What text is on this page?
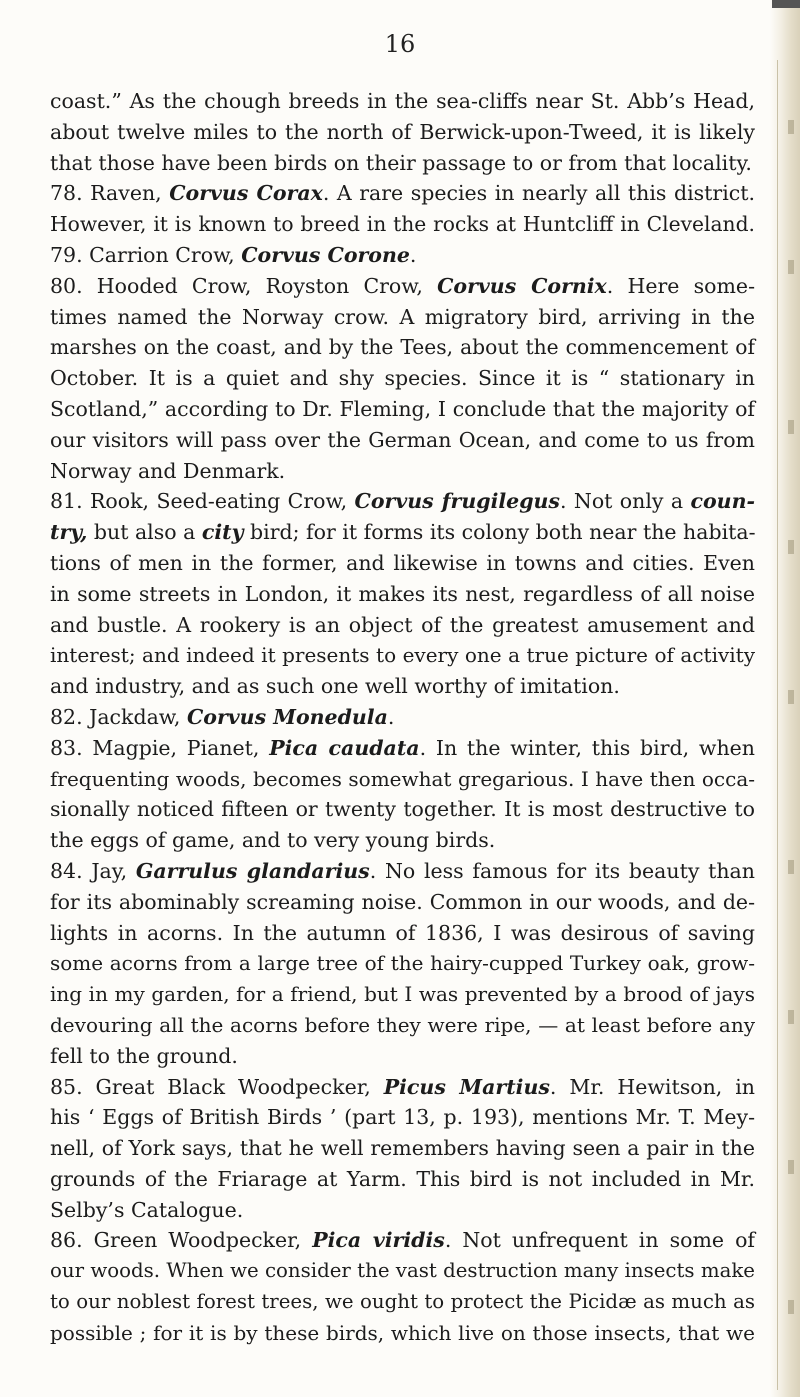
16
coast.” As the chough breeds in the sea-cliffs near St. Abb’s Head,
about twelve miles to the north of Berwick-upon-Tweed, it is likely
that those have been birds on their passage to or from that locality.
78. Raven, Corvus Corax. A rare species in nearly all this district.
However, it is known to breed in the rocks at Huntcliff in Cleveland.
79. Carrion Crow, Corvus Corone.
80. Hooded Crow, Royston Crow, Corvus Cornix. Here some-
times named the Norway crow. A migratory bird, arriving in the
marshes on the coast, and by the Tees, about the commencement of
October. It is a quiet and shy species. Since it is “ stationary in
Scotland,” according to Dr. Fleming, I conclude that the majority of
our visitors will pass over the German Ocean, and come to us from
Norway and Denmark.
81. Rook, Seed-eating Crow, Corvus frugilegus. Not only a coun-
try, but also a city bird; for it forms its colony both near the habita-
tions of men in the former, and likewise in towns and cities. Even
in some streets in London, it makes its nest, regardless of all noise
and bustle. A rookery is an object of the greatest amusement and
interest; and indeed it presents to every one a true picture of activity
and industry, and as such one well worthy of imitation.
82. Jackdaw, Corvus Monedula.
83. Magpie, Pianet, Pica caudata. In the winter, this bird, when
frequenting woods, becomes somewhat gregarious. I have then occa-
sionally noticed fifteen or twenty together. It is most destructive to
the eggs of game, and to very young birds.
84. Jay, Garrulus glandarius. No less famous for its beauty than
for its abominably screaming noise. Common in our woods, and de-
lights in acorns. In the autumn of 1836, I was desirous of saving
some acorns from a large tree of the hairy-cupped Turkey oak, grow-
ing in my garden, for a friend, but I was prevented by a brood of jays
devouring all the acorns before they were ripe, — at least before any
fell to the ground.
85. Great Black Woodpecker, Picus Martius. Mr. Hewitson, in
his ‘ Eggs of British Birds ’ (part 13, p. 193), mentions Mr. T. Mey-
nell, of York says, that he well remembers having seen a pair in the
grounds of the Friarage at Yarm. This bird is not included in Mr.
Selby’s Catalogue.
86. Green Woodpecker, Pica viridis. Not unfrequent in some of
our woods. When we consider the vast destruction many insects make
to our noblest forest trees, we ought to protect the Picidæ as much as
possible ; for it is by these birds, which live on those insects, that we
